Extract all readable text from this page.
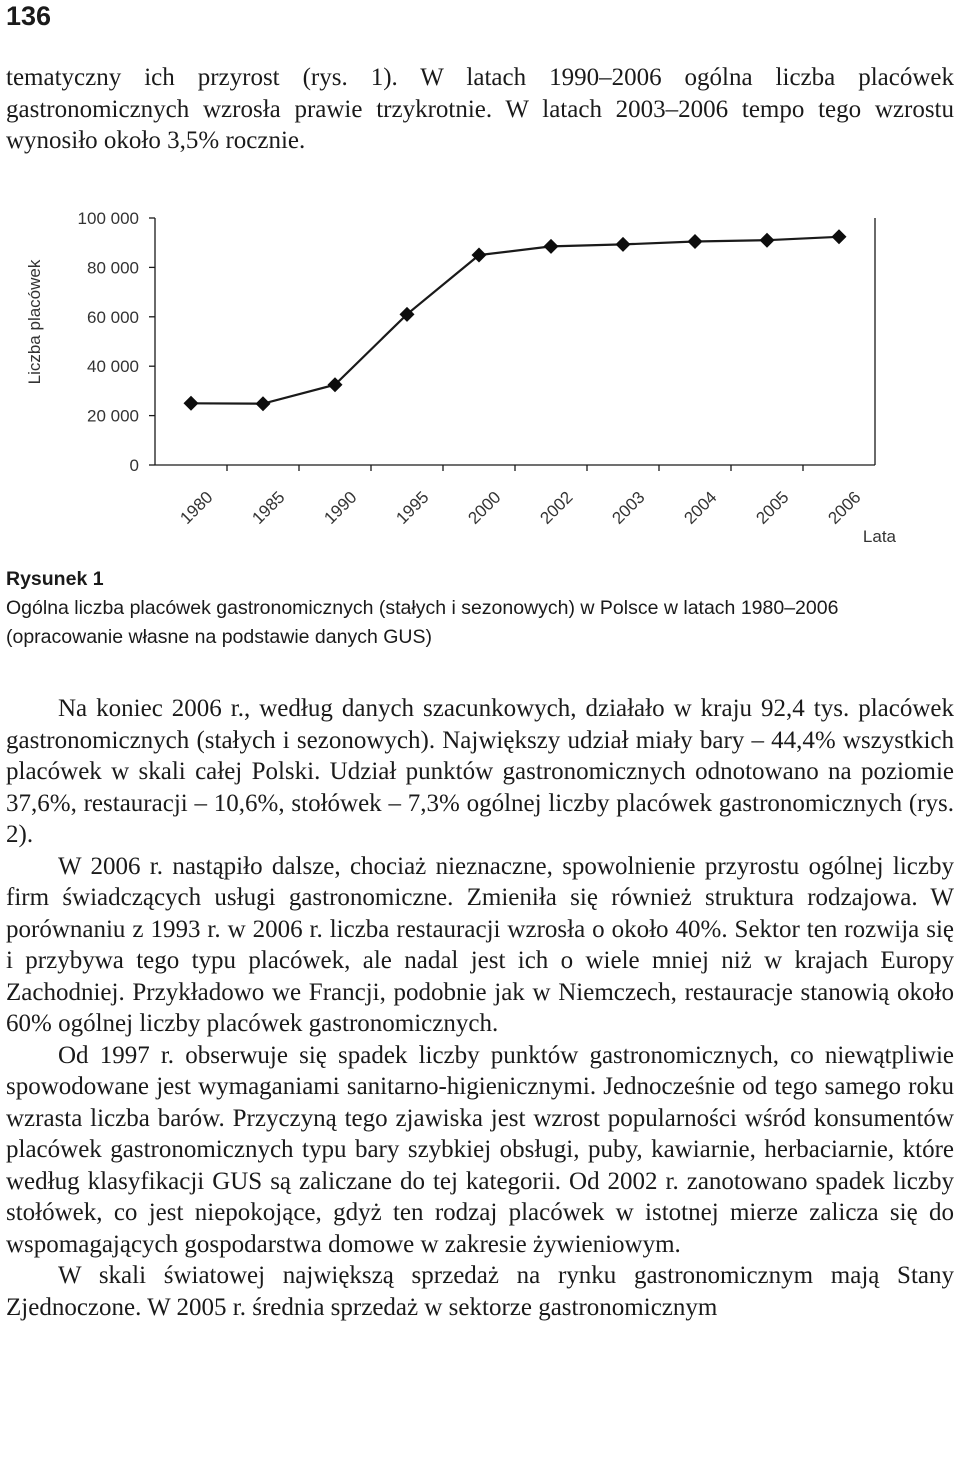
136

tematyczny ich przyrost (rys. 1). W latach 1990–2006 ogólna liczba placówek gastronomicznych wzrosła prawie trzykrotnie. W latach 2003–2006 tempo tego wzrostu wynosiło około 3,5% rocznie.

0
20 000
40 000
60 000
80 000
100 000
1980 1985 1990 1995 2000 2002 2003 2004 2005 2006
Liczba placówek
Lata
Rysunek 1
Ogólna liczba placówek gastronomicznych (stałych i sezonowych) w Polsce w latach 1980–2006 (opracowanie własne na podstawie danych GUS)

Na koniec 2006 r., według danych szacunkowych, działało w kraju 92,4 tys. placówek gastronomicznych (stałych i sezonowych). Największy udział miały bary – 44,4% wszystkich placówek w skali całej Polski. Udział punktów gastronomicznych odnotowano na poziomie 37,6%, restauracji – 10,6%, stołówek – 7,3% ogólnej liczby placówek gastronomicznych (rys. 2).

W 2006 r. nastąpiło dalsze, chociaż nieznaczne, spowolnienie przyrostu ogólnej liczby firm świadczących usługi gastronomiczne. Zmieniła się również struktura rodzajowa. W porównaniu z 1993 r. w 2006 r. liczba restauracji wzrosła o około 40%. Sektor ten rozwija się i przybywa tego typu placówek, ale nadal jest ich o wiele mniej niż w krajach Europy Zachodniej. Przykładowo we Francji, podobnie jak w Niemczech, restauracje stanowią około 60% ogólnej liczby placówek gastronomicznych.

Od 1997 r. obserwuje się spadek liczby punktów gastronomicznych, co niewątpliwie spowodowane jest wymaganiami sanitarno-higienicznymi. Jednocześnie od tego samego roku wzrasta liczba barów. Przyczyną tego zjawiska jest wzrost popularności wśród konsumentów placówek gastronomicznych typu bary szybkiej obsługi, puby, kawiarnie, herbaciarnie, które według klasyfikacji GUS są zaliczane do tej kategorii. Od 2002 r. zanotowano spadek liczby stołówek, co jest niepokojące, gdyż ten rodzaj placówek w istotnej mierze zalicza się do wspomagających gospodarstwa domowe w zakresie żywieniowym.

W skali światowej największą sprzedaż na rynku gastronomicznym mają Stany Zjednoczone. W 2005 r. średnia sprzedaż w sektorze gastronomicznym
